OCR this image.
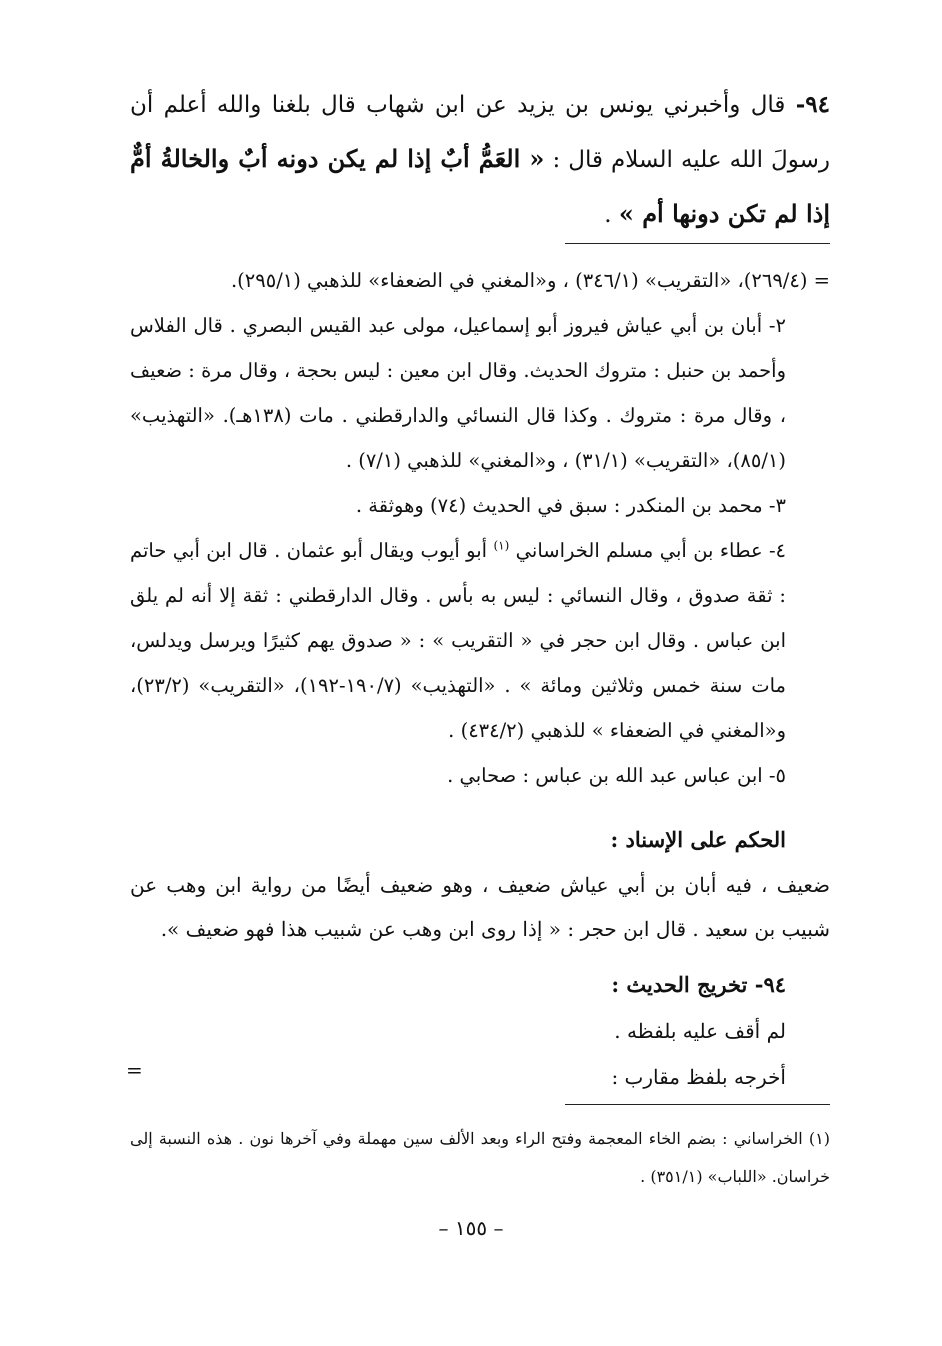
٩٤- قال وأخبرني يونس بن يزيد عن ابن شهاب قال بلغنا والله أعلم أن رسولَ الله عليه السلام قال : « العَمُّ أبٌ إذا لم يكن دونه أبٌ والخالةُ أمٌّ إذا لم تكن دونها أم » .

= (٢٦٩/٤)، «التقريب» (٣٤٦/١) ، و«المغني في الضعفاء» للذهبي (٢٩٥/١).

٢- أبان بن أبي عياش فيروز أبو إسماعيل، مولى عبد القيس البصري . قال الفلاس وأحمد بن حنبل : متروك الحديث. وقال ابن معين : ليس بحجة ، وقال مرة : ضعيف ، وقال مرة : متروك . وكذا قال النسائي والدارقطني . مات (١٣٨هـ). «التهذيب» (٨٥/١)، «التقريب» (٣١/١) ، و«المغني» للذهبي (٧/١) .

٣- محمد بن المنكدر : سبق في الحديث (٧٤) وهوثقة .

٤- عطاء بن أبي مسلم الخراساني $^{(١)}$ أبو أيوب ويقال أبو عثمان . قال ابن أبي حاتم : ثقة صدوق ، وقال النسائي : ليس به بأس . وقال الدارقطني : ثقة إلا أنه لم يلق ابن عباس . وقال ابن حجر في « التقريب » : « صدوق يهم كثيرًا ويرسل ويدلس، مات سنة خمس وثلاثين ومائة » . «التهذيب» (١٩٠/٧-١٩٢)، «التقريب» (٢٣/٢)، و«المغني في الضعفاء » للذهبي (٤٣٤/٢) .

٥- ابن عباس عبد الله بن عباس : صحابي .

الحكم على الإسناد :

ضعيف ، فيه أبان بن أبي عياش ضعيف ، وهو ضعيف أيضًا من رواية ابن وهب عن شبيب بن سعيد . قال ابن حجر : « إذا روى ابن وهب عن شبيب هذا فهو ضعيف ».

٩٤- تخريج الحديث :

لم أقف عليه بلفظه .

أخرجه بلفظ مقارب :

=

(١) الخراساني : بضم الخاء المعجمة وفتح الراء وبعد الألف سين مهملة وفي آخرها نون . هذه النسبة إلى خراسان. «اللباب» (٣٥١/١) .

– ١٥٥ –
